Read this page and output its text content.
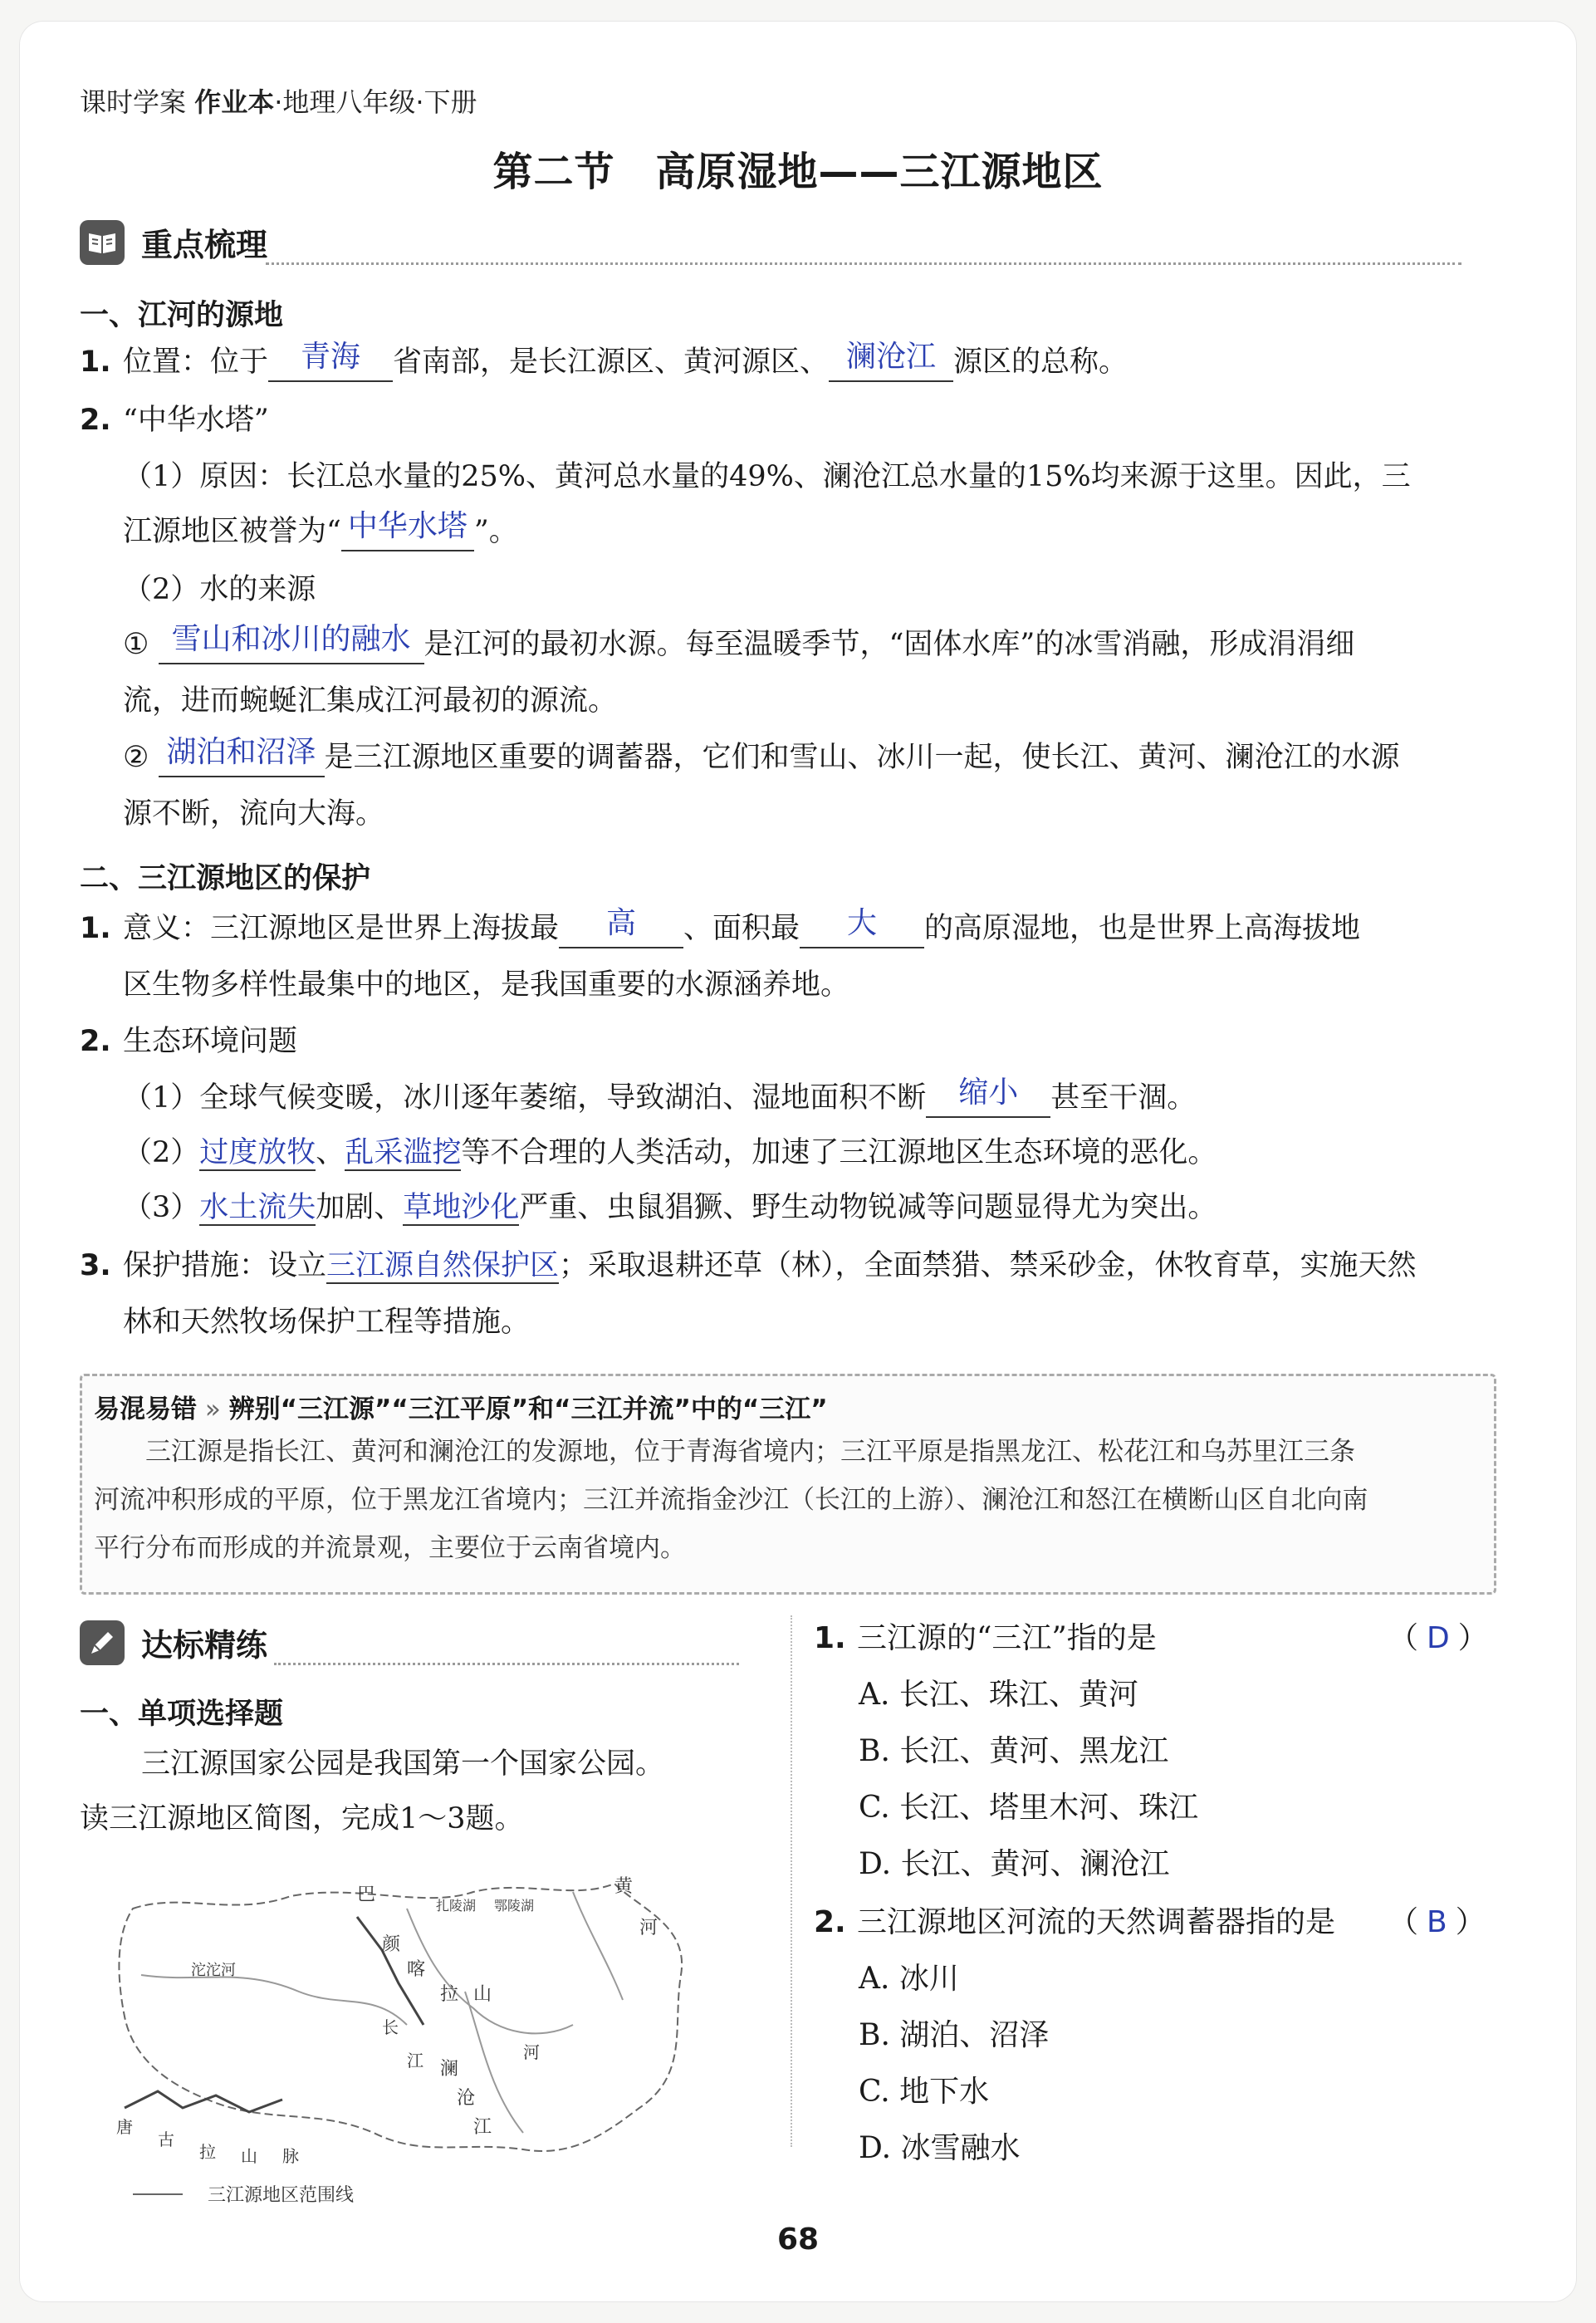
课时学案 作业本·地理八年级·下册
第二节　高原湿地——三江源地区
重点梳理
一、江河的源地
1. 位置：位于	青海	省南部，是长江源区、黄河源区、 澜沧江 源区的总称。
2. “中华水塔”
（1）原因：长江总水量的25%、黄河总水量的49%、澜沧江总水量的15%均来源于这里。因此，三
江源地区被誉为“ 中华水塔 ”。
（2）水的来源
① 雪山和冰川的融水 是江河的最初水源。每至温暖季节，“固体水库”的冰雪消融，形成涓涓细
流，进而蜿蜒汇集成江河最初的源流。
② 湖泊和沼泽 是三江源地区重要的调蓄器，它们和雪山、冰川一起，使长江、黄河、澜沧江的水源
源不断，流向大海。
二、三江源地区的保护
1. 意义：三江源地区是世界上海拔最	高	、面积最	大	的高原湿地，也是世界上高海拔地
区生物多样性最集中的地区，是我国重要的水源涵养地。
2. 生态环境问题
（1）全球气候变暖，冰川逐年萎缩，导致湖泊、湿地面积不断	缩小	甚至干涸。
（2）过度放牧、乱采滥挖等不合理的人类活动，加速了三江源地区生态环境的恶化。
（3）水土流失加剧、草地沙化严重、虫鼠猖獗、野生动物锐减等问题显得尤为突出。
3. 保护措施：设立三江源自然保护区；采取退耕还草（林），全面禁猎、禁采砂金，休牧育草，实施天然
林和天然牧场保护工程等措施。
易混易错 » 辨别“三江源”“三江平原”和“三江并流”中的“三江”
三江源是指长江、黄河和澜沧江的发源地，位于青海省境内；三江平原是指黑龙江、松花江和乌苏里江三条
河流冲积形成的平原，位于黑龙江省境内；三江并流指金沙江（长江的上游）、澜沧江和怒江在横断山区自北向南
平行分布而形成的并流景观，主要位于云南省境内。
达标精练
一、单项选择题
三江源国家公园是我国第一个国家公园。
读三江源地区简图，完成1～3题。
巴
颜
喀
拉 山
扎陵湖 鄂陵湖
黄
河
沱沱河
长
江 澜
沧
江
河
唐
古
拉 山 脉
三江源地区范围线
1. 三江源的“三江”指的是	（ D ）
A. 长江、珠江、黄河
B. 长江、黄河、黑龙江
C. 长江、塔里木河、珠江
D. 长江、黄河、澜沧江
2. 三江源地区河流的天然调蓄器指的是 （ B ）
A. 冰川
B. 湖泊、沼泽
C. 地下水
D. 冰雪融水
68
